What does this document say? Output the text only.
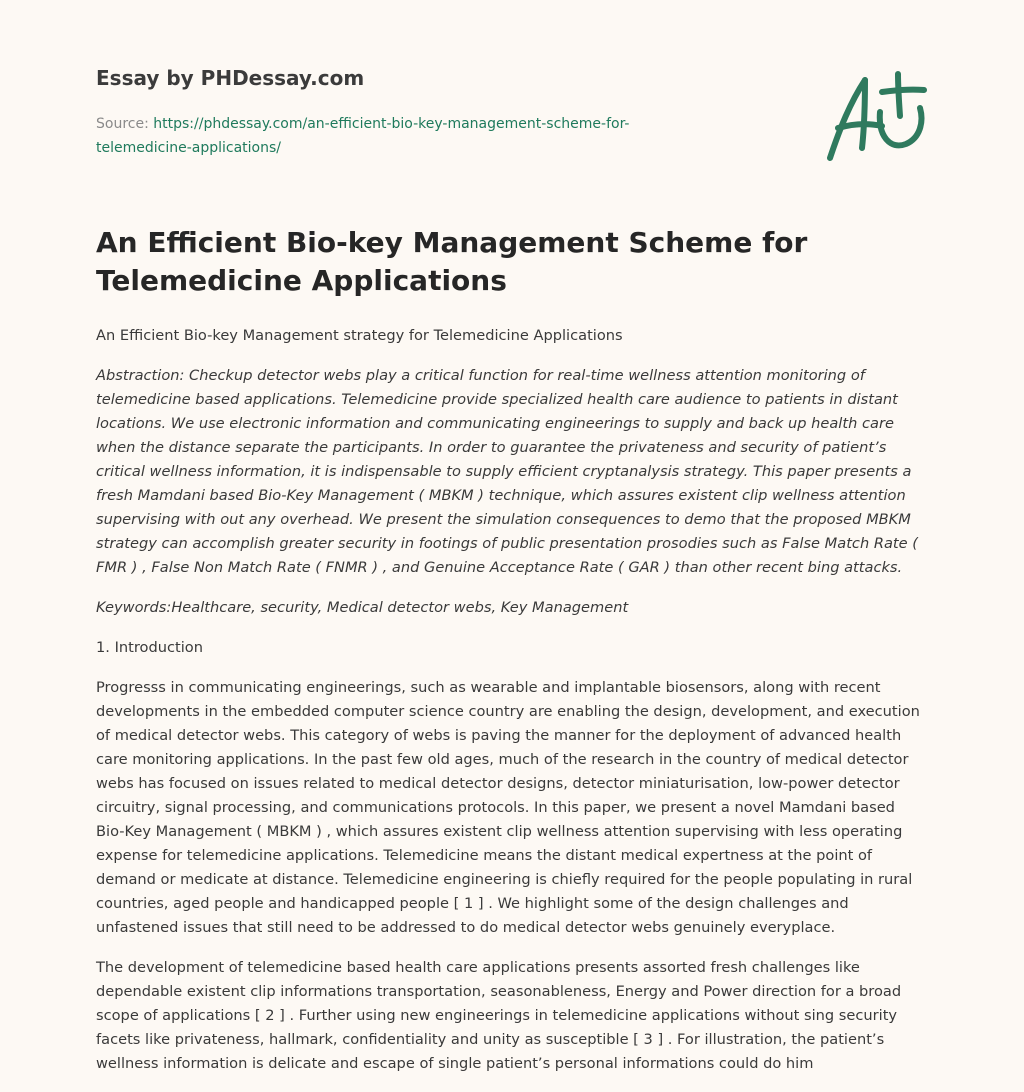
Essay by PHDessay.com

Source: https://phdessay.com/an-efficient-bio-key-management-scheme-for-telemedicine-applications/

An Efficient Bio-key Management Scheme for Telemedicine Applications

An Efficient Bio-key Management strategy for Telemedicine Applications

Abstraction: Checkup detector webs play a critical function for real-time wellness attention monitoring of telemedicine based applications. Telemedicine provide specialized health care audience to patients in distant locations. We use electronic information and communicating engineerings to supply and back up health care when the distance separate the participants. In order to guarantee the privateness and security of patient’s critical wellness information, it is indispensable to supply efficient cryptanalysis strategy. This paper presents a fresh Mamdani based Bio-Key Management ( MBKM ) technique, which assures existent clip wellness attention supervising with out any overhead. We present the simulation consequences to demo that the proposed MBKM strategy can accomplish greater security in footings of public presentation prosodies such as False Match Rate ( FMR ) , False Non Match Rate ( FNMR ) , and Genuine Acceptance Rate ( GAR ) than other recent bing attacks.

Keywords:Healthcare, security, Medical detector webs, Key Management

1. Introduction

Progresss in communicating engineerings, such as wearable and implantable biosensors, along with recent developments in the embedded computer science country are enabling the design, development, and execution of medical detector webs. This category of webs is paving the manner for the deployment of advanced health care monitoring applications. In the past few old ages, much of the research in the country of medical detector webs has focused on issues related to medical detector designs, detector miniaturisation, low-power detector circuitry, signal processing, and communications protocols. In this paper, we present a novel Mamdani based Bio-Key Management ( MBKM ) , which assures existent clip wellness attention supervising with less operating expense for telemedicine applications. Telemedicine means the distant medical expertness at the point of demand or medicate at distance. Telemedicine engineering is chiefly required for the people populating in rural countries, aged people and handicapped people [ 1 ] . We highlight some of the design challenges and unfastened issues that still need to be addressed to do medical detector webs genuinely everyplace.

The development of telemedicine based health care applications presents assorted fresh challenges like dependable existent clip informations transportation, seasonableness, Energy and Power direction for a broad scope of applications [ 2 ] . Further using new engineerings in telemedicine applications without sing security facets like privateness, hallmark, confidentiality and unity as susceptible [ 3 ] . For illustration, the patient’s wellness information is delicate and escape of single patient’s personal informations could do him
